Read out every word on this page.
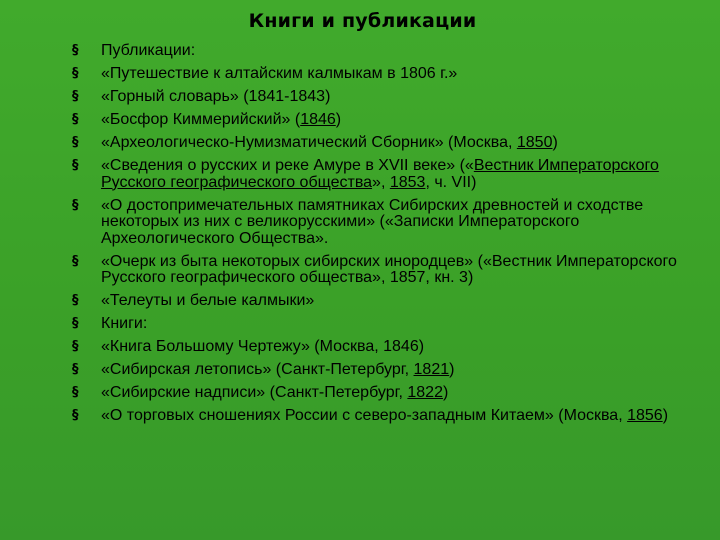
Книги и публикации
§ Публикации:
§ «Путешествие к алтайским калмыкам в 1806 г.»
§ «Горный словарь» (1841-1843)
§ «Босфор Киммерийский» (1846)
§ «Археологическо-Нумизматический Сборник» (Москва, 1850)
§ «Сведения о русских и реке Амуре в XVII веке» («Вестник Императорского Русского географического общества», 1853, ч. VII)
§ «О достопримечательных памятниках Сибирских древностей и сходстве некоторых из них с великорусскими» («Записки Императорского Археологического Общества».
§ «Очерк из быта некоторых сибирских инородцев» («Вестник Императорского Русского географического общества», 1857, кн. 3)
§ «Телеуты и белые калмыки»
§ Книги:
§ «Книга Большому Чертежу» (Москва, 1846)
§ «Сибирская летопись» (Санкт-Петербург, 1821)
§ «Сибирские надписи» (Санкт-Петербург, 1822)
§ «О торговых сношениях России с северо-западным Китаем» (Москва, 1856)
